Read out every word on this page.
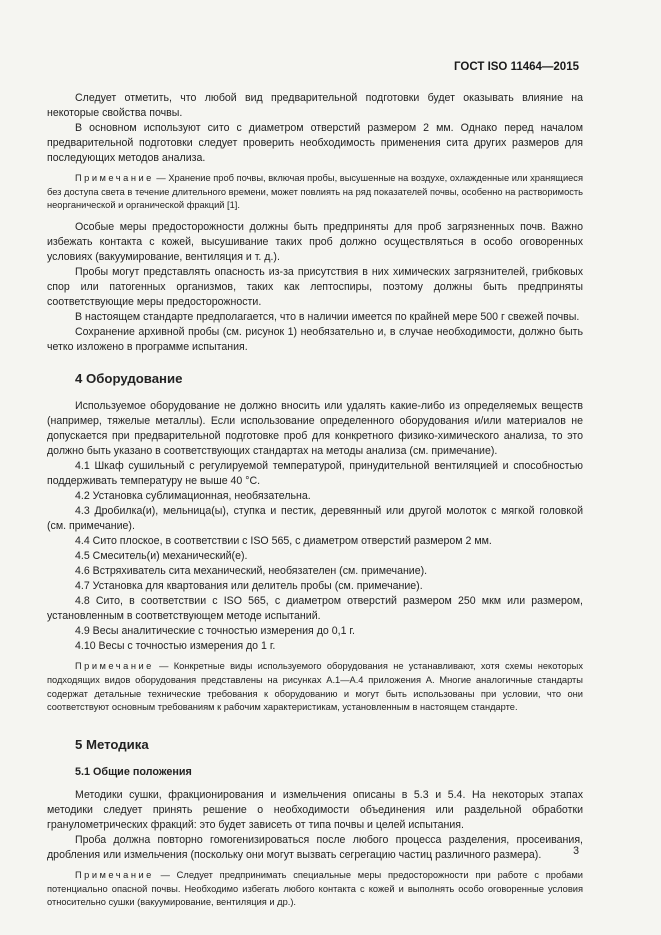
ГОСТ ISO 11464—2015

Следует отметить, что любой вид предварительной подготовки будет оказывать влияние на некоторые свойства почвы.

В основном используют сито с диаметром отверстий размером 2 мм. Однако перед началом предварительной подготовки следует проверить необходимость применения сита других размеров для последующих методов анализа.

Примечание — Хранение проб почвы, включая пробы, высушенные на воздухе, охлажденные или хранящиеся без доступа света в течение длительного времени, может повлиять на ряд показателей почвы, особенно на растворимость неорганической и органической фракций [1].

Особые меры предосторожности должны быть предприняты для проб загрязненных почв. Важно избежать контакта с кожей, высушивание таких проб должно осуществляться в особо оговоренных условиях (вакуумирование, вентиляция и т. д.).

Пробы могут представлять опасность из-за присутствия в них химических загрязнителей, грибковых спор или патогенных организмов, таких как лептоспиры, поэтому должны быть предприняты соответствующие меры предосторожности.

В настоящем стандарте предполагается, что в наличии имеется по крайней мере 500 г свежей почвы.

Сохранение архивной пробы (см. рисунок 1) необязательно и, в случае необходимости, должно быть четко изложено в программе испытания.

4 Оборудование

Используемое оборудование не должно вносить или удалять какие-либо из определяемых веществ (например, тяжелые металлы). Если использование определенного оборудования и/или материалов не допускается при предварительной подготовке проб для конкретного физико-химического анализа, то это должно быть указано в соответствующих стандартах на методы анализа (см. примечание).

4.1 Шкаф сушильный с регулируемой температурой, принудительной вентиляцией и способностью поддерживать температуру не выше 40 °С.

4.2 Установка сублимационная, необязательна.

4.3 Дробилка(и), мельница(ы), ступка и пестик, деревянный или другой молоток с мягкой головкой (см. примечание).

4.4 Сито плоское, в соответствии с ISO 565, с диаметром отверстий размером 2 мм.

4.5 Смеситель(и) механический(е).

4.6 Встряхиватель сита механический, необязателен (см. примечание).

4.7 Установка для квартования или делитель пробы (см. примечание).

4.8 Сито, в соответствии с ISO 565, с диаметром отверстий размером 250 мкм или размером, установленным в соответствующем методе испытаний.

4.9 Весы аналитические с точностью измерения до 0,1 г.

4.10 Весы с точностью измерения до 1 г.

Примечание — Конкретные виды используемого оборудования не устанавливают, хотя схемы некоторых подходящих видов оборудования представлены на рисунках А.1—А.4 приложения А. Многие аналогичные стандарты содержат детальные технические требования к оборудованию и могут быть использованы при условии, что они соответствуют основным требованиям к рабочим характеристикам, установленным в настоящем стандарте.
5 Методика
5.1 Общие положения

Методики сушки, фракционирования и измельчения описаны в 5.3 и 5.4. На некоторых этапах методики следует принять решение о необходимости объединения или раздельной обработки гранулометрических фракций: это будет зависеть от типа почвы и целей испытания.

Проба должна повторно гомогенизироваться после любого процесса разделения, просеивания, дробления или измельчения (поскольку они могут вызвать сегрегацию частиц различного размера).

Примечание — Следует предпринимать специальные меры предосторожности при работе с пробами потенциально опасной почвы. Необходимо избегать любого контакта с кожей и выполнять особо оговоренные условия относительно сушки (вакуумирование, вентиляция и др.).
3
